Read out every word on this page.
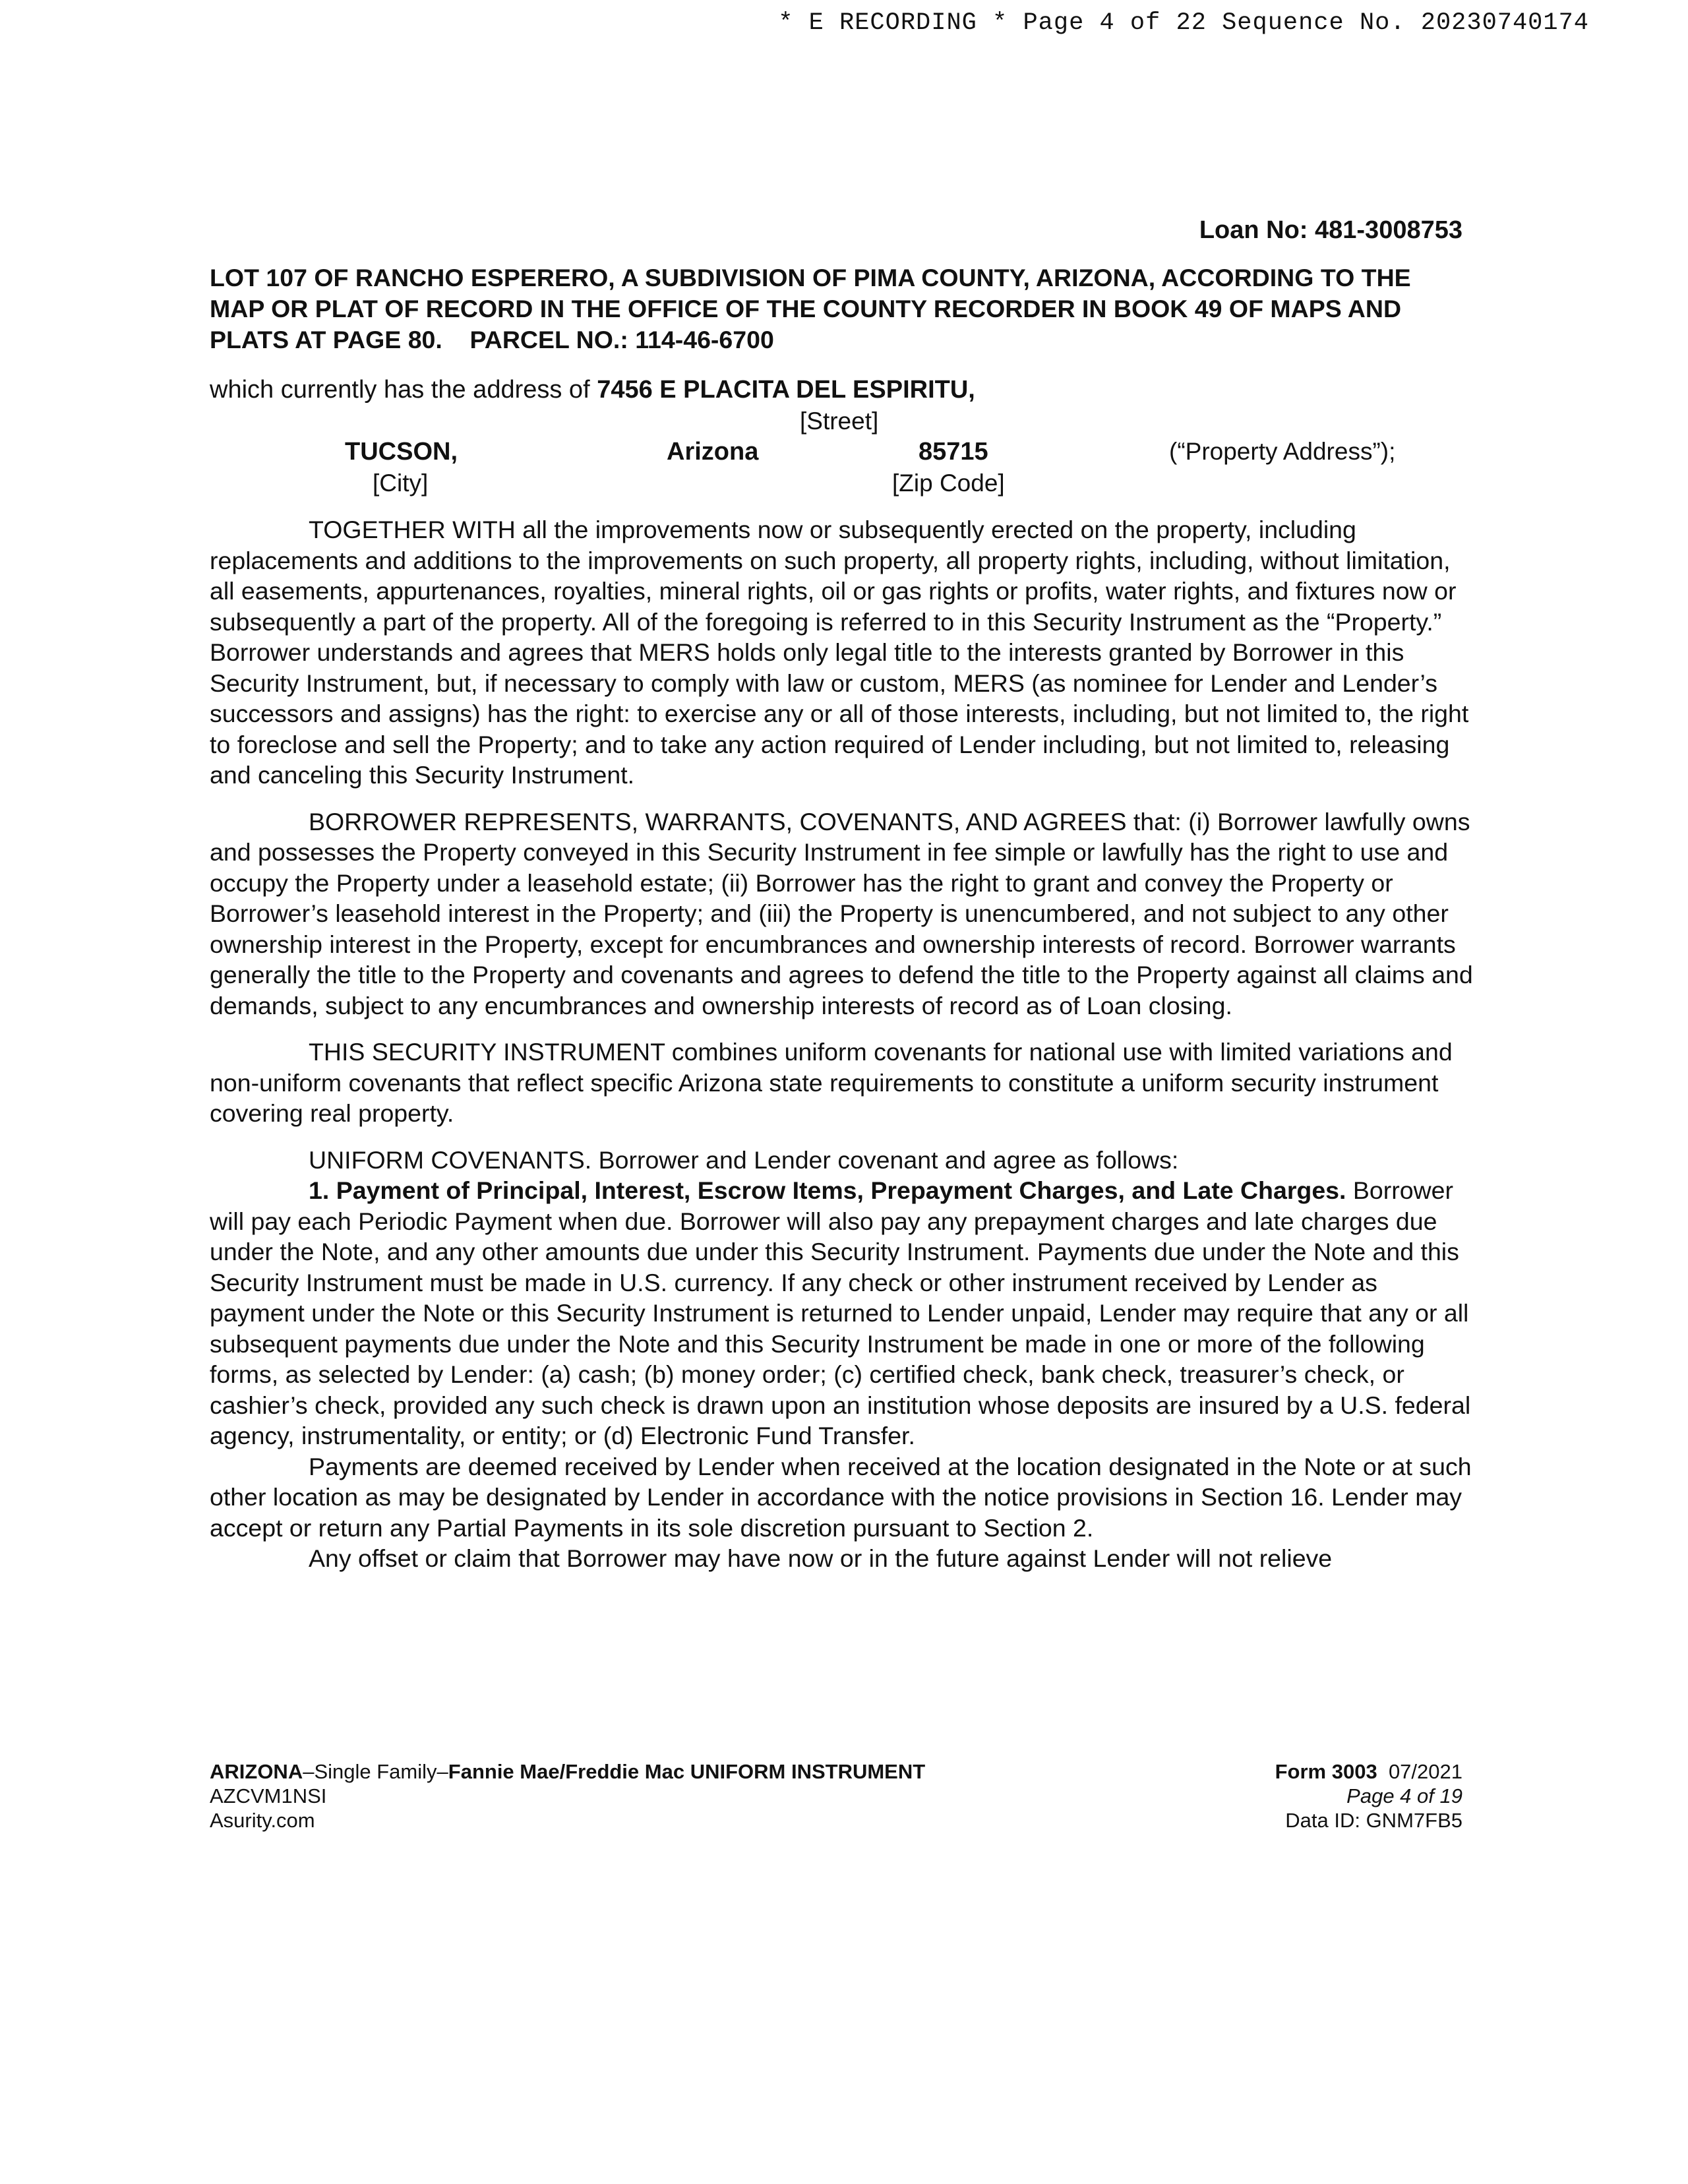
* E RECORDING * Page 4 of 22 Sequence No. 20230740174
Loan No: 481-3008753
LOT 107 OF RANCHO ESPERERO, A SUBDIVISION OF PIMA COUNTY, ARIZONA, ACCORDING TO THE MAP OR PLAT OF RECORD IN THE OFFICE OF THE COUNTY RECORDER IN BOOK 49 OF MAPS AND PLATS AT PAGE 80. PARCEL NO.: 114-46-6700
which currently has the address of 7456 E PLACITA DEL ESPIRITU,
[Street]
TUCSON,	Arizona	85715	(“Property Address”);
[City]	[Zip Code]

TOGETHER WITH all the improvements now or subsequently erected on the property, including replacements and additions to the improvements on such property, all property rights, including, without limitation, all easements, appurtenances, royalties, mineral rights, oil or gas rights or profits, water rights, and fixtures now or subsequently a part of the property. All of the foregoing is referred to in this Security Instrument as the “Property.” Borrower understands and agrees that MERS holds only legal title to the interests granted by Borrower in this Security Instrument, but, if necessary to comply with law or custom, MERS (as nominee for Lender and Lender’s successors and assigns) has the right: to exercise any or all of those interests, including, but not limited to, the right to foreclose and sell the Property; and to take any action required of Lender including, but not limited to, releasing and canceling this Security Instrument.

BORROWER REPRESENTS, WARRANTS, COVENANTS, AND AGREES that: (i) Borrower lawfully owns and possesses the Property conveyed in this Security Instrument in fee simple or lawfully has the right to use and occupy the Property under a leasehold estate; (ii) Borrower has the right to grant and convey the Property or Borrower’s leasehold interest in the Property; and (iii) the Property is unencumbered, and not subject to any other ownership interest in the Property, except for encumbrances and ownership interests of record. Borrower warrants generally the title to the Property and covenants and agrees to defend the title to the Property against all claims and demands, subject to any encumbrances and ownership interests of record as of Loan closing.

THIS SECURITY INSTRUMENT combines uniform covenants for national use with limited variations and non-uniform covenants that reflect specific Arizona state requirements to constitute a uniform security instrument covering real property.

UNIFORM COVENANTS. Borrower and Lender covenant and agree as follows:

1. Payment of Principal, Interest, Escrow Items, Prepayment Charges, and Late Charges. Borrower will pay each Periodic Payment when due. Borrower will also pay any prepayment charges and late charges due under the Note, and any other amounts due under this Security Instrument. Payments due under the Note and this Security Instrument must be made in U.S. currency. If any check or other instrument received by Lender as payment under the Note or this Security Instrument is returned to Lender unpaid, Lender may require that any or all subsequent payments due under the Note and this Security Instrument be made in one or more of the following forms, as selected by Lender: (a) cash; (b) money order; (c) certified check, bank check, treasurer’s check, or cashier’s check, provided any such check is drawn upon an institution whose deposits are insured by a U.S. federal agency, instrumentality, or entity; or (d) Electronic Fund Transfer.

Payments are deemed received by Lender when received at the location designated in the Note or at such other location as may be designated by Lender in accordance with the notice provisions in Section 16. Lender may accept or return any Partial Payments in its sole discretion pursuant to Section 2.

Any offset or claim that Borrower may have now or in the future against Lender will not relieve

ARIZONA–Single Family–Fannie Mae/Freddie Mac UNIFORM INSTRUMENT
AZCVM1NSI
Asurity.com
Form 3003 07/2021
Page 4 of 19
Data ID: GNM7FB5
